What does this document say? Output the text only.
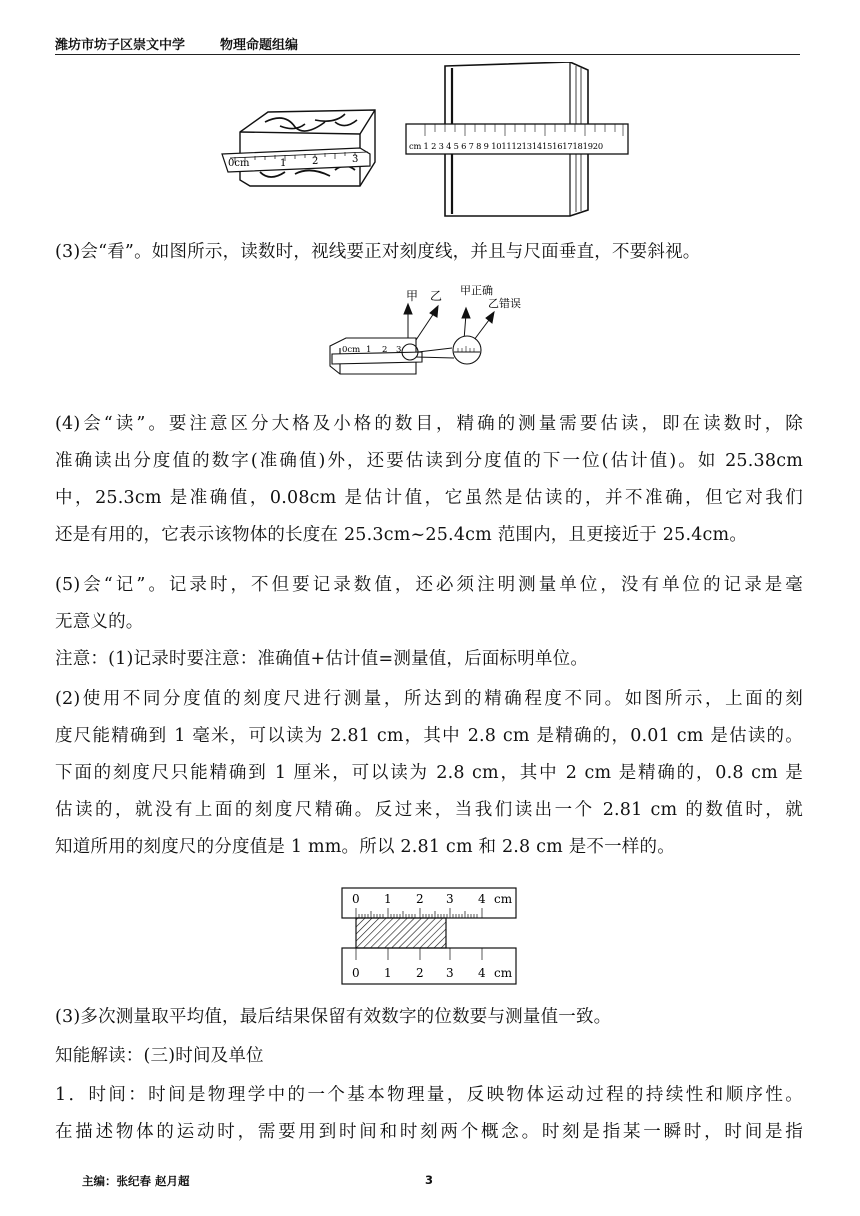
潍坊市坊子区崇文中学	物理命题组编
0cm	1	2	3
cm 1 2 3 4 5 6 7 8 9 1011121314151617181920
(3)会“看”。如图所示，读数时，视线要正对刻度线，并且与尺面垂直，不要斜视。
甲 乙 甲正确
乙错误
0cm 1 2 3
(4)会“读”。要注意区分大格及小格的数目，精确的测量需要估读，即在读数时，除
准确读出分度值的数字(准确值)外，还要估读到分度值的下一位(估计值)。如 25.38cm
中，25.3cm 是准确值，0.08cm 是估计值，它虽然是估读的，并不准确，但它对我们
还是有用的，它表示该物体的长度在 25.3cm~25.4cm 范围内，且更接近于 25.4cm。
(5)会“记”。记录时，不但要记录数值，还必须注明测量单位，没有单位的记录是毫
无意义的。
注意：(1)记录时要注意：准确值+估计值=测量值，后面标明单位。
(2)使用不同分度值的刻度尺进行测量，所达到的精确程度不同。如图所示，上面的刻
度尺能精确到 1 毫米，可以读为 2.81 cm，其中 2.8 cm 是精确的，0.01 cm 是估读的。
下面的刻度尺只能精确到 1 厘米，可以读为 2.8 cm，其中 2 cm 是精确的，0.8 cm 是
估读的，就没有上面的刻度尺精确。反过来，当我们读出一个 2.81 cm 的数值时，就
知道所用的刻度尺的分度值是 1 mm。所以 2.81 cm 和 2.8 cm 是不一样的。
0 1 2 3 4 cm
0 1 2 3 4 cm
(3)多次测量取平均值，最后结果保留有效数字的位数要与测量值一致。
知能解读：(三)时间及单位
1．时间：时间是物理学中的一个基本物理量，反映物体运动过程的持续性和顺序性。
在描述物体的运动时，需要用到时间和时刻两个概念。时刻是指某一瞬时，时间是指
主编：张纪春 赵月超	3
